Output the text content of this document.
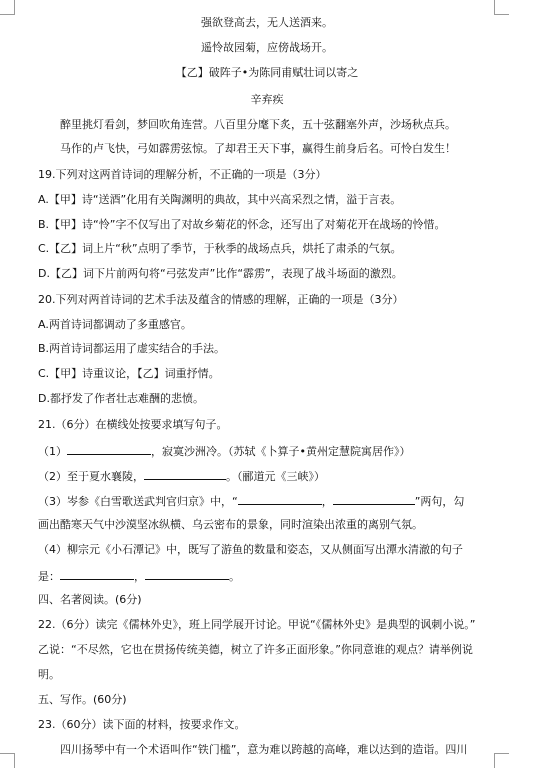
强欲登高去，无人送酒来。
遥怜故园菊，应傍战场开。
【乙】破阵子•为陈同甫赋壮词以寄之
辛弃疾
醉里挑灯看剑，梦回吹角连营。八百里分麾下炙，五十弦翻塞外声，沙场秋点兵。
马作的卢飞快，弓如霹雳弦惊。了却君王天下事，赢得生前身后名。可怜白发生！
19.下列对这两首诗词的理解分析，不正确的一项是（3分）
A.【甲】诗“送酒”化用有关陶渊明的典故，其中兴高采烈之情，溢于言表。
B.【甲】诗“怜”字不仅写出了对故乡菊花的怀念，还写出了对菊花开在战场的怜惜。
C.【乙】词上片“秋”点明了季节，于秋季的战场点兵，烘托了肃杀的气氛。
D.【乙】词下片前两句将“弓弦发声”比作“霹雳”，表现了战斗场面的激烈。
20.下列对两首诗词的艺术手法及蕴含的情感的理解，正确的一项是（3分）
A.两首诗词都调动了多重感官。
B.两首诗词都运用了虚实结合的手法。
C.【甲】诗重议论，【乙】词重抒情。
D.都抒发了作者壮志难酬的悲愤。
21.（6分）在横线处按要求填写句子。
（1）	，寂寞沙洲冷。（苏轼《卜算子•黄州定慧院寓居作》）
（2）至于夏水襄陵，	。（郦道元《三峡》）
（3）岑参《白雪歌送武判官归京》中，“	，	”两句，勾
画出酷寒天气中沙漠坚冰纵横、乌云密布的景象，同时渲染出浓重的离别气氛。
（4）柳宗元《小石潭记》中，既写了游鱼的数量和姿态，又从侧面写出潭水清澈的句子
是：	，	。
四、名著阅读。(6分)
22.（6分）读完《儒林外史》，班上同学展开讨论。甲说“《儒林外史》是典型的讽刺小说。”
乙说：“不尽然，它也在贯扬传统美德，树立了许多正面形象。”你同意谁的观点？请举例说
明。
五、写作。(60分)
23.（60分）读下面的材料，按要求作文。
四川扬琴中有一个术语叫作“铁门槛”，意为难以跨越的高峰，难以达到的造诣。四川
